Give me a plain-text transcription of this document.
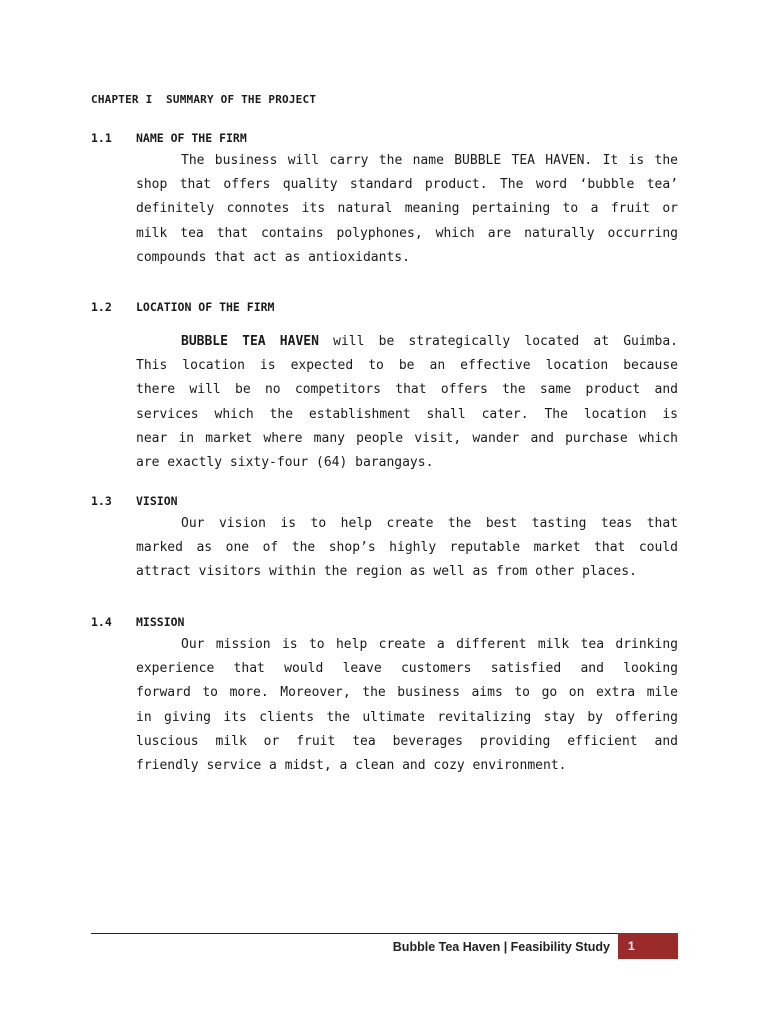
CHAPTER I  SUMMARY OF THE PROJECT
1.1	NAME OF THE FIRM
The business will carry the name BUBBLE TEA HAVEN. It is the
shop that offers quality standard product. The word ‘bubble tea’
definitely connotes its natural meaning pertaining to a fruit or
milk tea that contains polyphones, which are naturally occurring
compounds that act as antioxidants.
1.2	LOCATION OF THE FIRM
BUBBLE TEA HAVEN will be strategically located at Guimba.
This location is expected to be an effective location because
there will be no competitors that offers the same product and
services which the establishment shall cater. The location is
near in market where many people visit, wander and purchase which
are exactly sixty-four (64) barangays.
1.3	VISION
Our vision is to help create the best tasting teas that
marked as one of the shop’s highly reputable market that could
attract visitors within the region as well as from other places.
1.4	MISSION
Our mission is to help create a different milk tea drinking
experience that would leave customers satisfied and looking
forward to more. Moreover, the business aims to go on extra mile
in giving its clients the ultimate revitalizing stay by offering
luscious milk or fruit tea beverages providing efficient and
friendly service a midst, a clean and cozy environment.
Bubble Tea Haven | Feasibility Study	1
